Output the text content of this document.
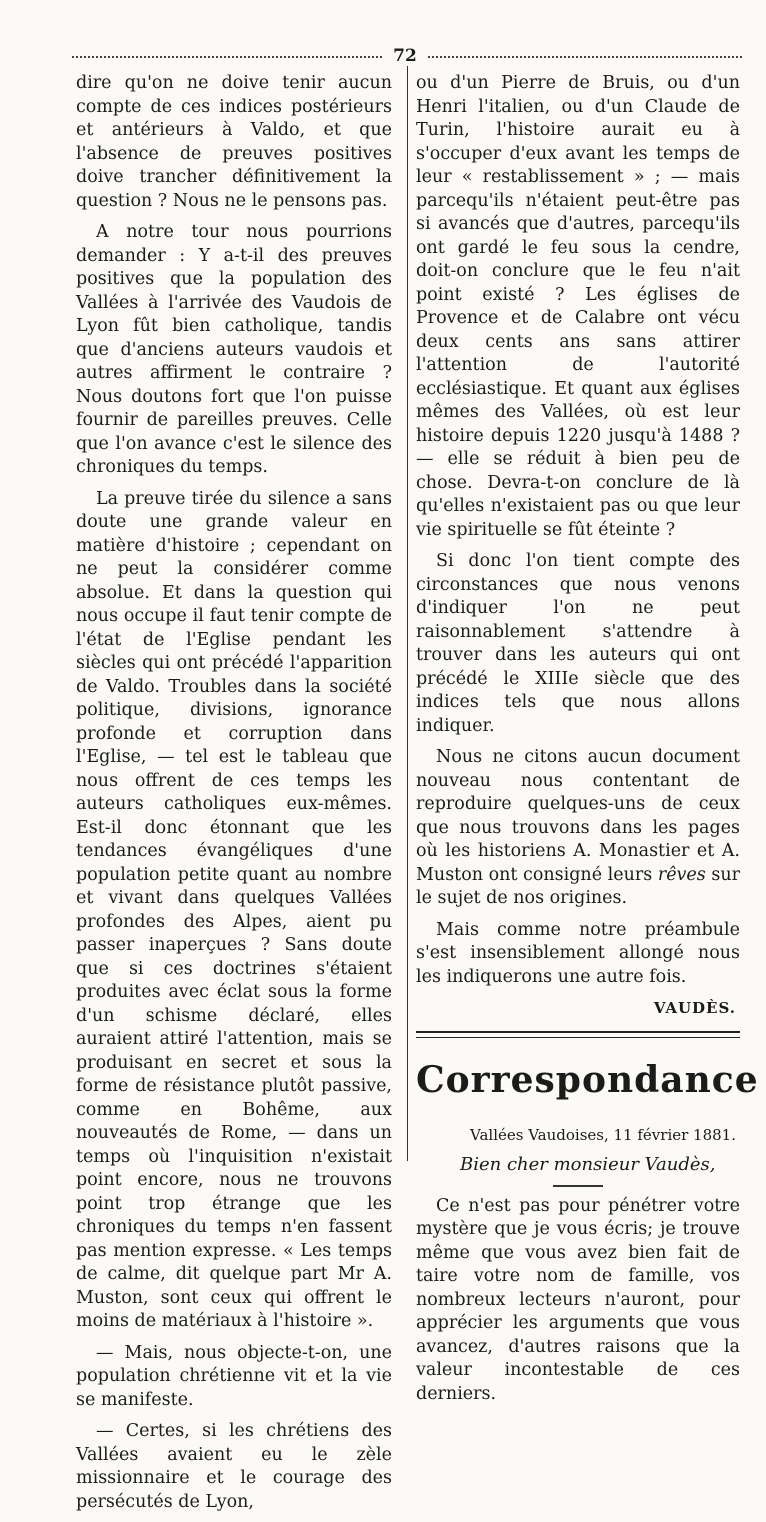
72

dire qu'on ne doive tenir aucun compte de ces indices postérieurs et antérieurs à Valdo, et que l'absence de preuves positives doive trancher définitivement la question ? Nous ne le pensons pas.

A notre tour nous pourrions demander : Y a-t-il des preuves positives que la population des Vallées à l'arrivée des Vaudois de Lyon fût bien catholique, tandis que d'anciens auteurs vaudois et autres affirment le contraire ? Nous doutons fort que l'on puisse fournir de pareilles preuves. Celle que l'on avance c'est le silence des chroniques du temps.

La preuve tirée du silence a sans doute une grande valeur en matière d'histoire ; cependant on ne peut la considérer comme absolue. Et dans la question qui nous occupe il faut tenir compte de l'état de l'Eglise pendant les siècles qui ont précédé l'apparition de Valdo. Troubles dans la société politique, divisions, ignorance profonde et corruption dans l'Eglise, — tel est le tableau que nous offrent de ces temps les auteurs catholiques eux-mêmes. Est-il donc étonnant que les tendances évangéliques d'une population petite quant au nombre et vivant dans quelques Vallées profondes des Alpes, aient pu passer inaperçues ? Sans doute que si ces doctrines s'étaient produites avec éclat sous la forme d'un schisme déclaré, elles auraient attiré l'attention, mais se produisant en secret et sous la forme de résistance plutôt passive, comme en Bohême, aux nouveautés de Rome, — dans un temps où l'inquisition n'existait point encore, nous ne trouvons point trop étrange que les chroniques du temps n'en fassent pas mention expresse. « Les temps de calme, dit quelque part Mr A. Muston, sont ceux qui offrent le moins de matériaux à l'histoire ».

— Mais, nous objecte-t-on, une population chrétienne vit et la vie se manifeste.

— Certes, si les chrétiens des Vallées avaient eu le zèle missionnaire et le courage des persécutés de Lyon,

ou d'un Pierre de Bruis, ou d'un Henri l'italien, ou d'un Claude de Turin, l'histoire aurait eu à s'occuper d'eux avant les temps de leur « restablissement » ; — mais parcequ'ils n'étaient peut-être pas si avancés que d'autres, parcequ'ils ont gardé le feu sous la cendre, doit-on conclure que le feu n'ait point existé ? Les églises de Provence et de Calabre ont vécu deux cents ans sans attirer l'attention de l'autorité ecclésiastique. Et quant aux églises mêmes des Vallées, où est leur histoire depuis 1220 jusqu'à 1488 ? — elle se réduit à bien peu de chose. Devra-t-on conclure de là qu'elles n'existaient pas ou que leur vie spirituelle se fût éteinte ?

Si donc l'on tient compte des circonstances que nous venons d'indiquer l'on ne peut raisonnablement s'attendre à trouver dans les auteurs qui ont précédé le XIIIe siècle que des indices tels que nous allons indiquer.

Nous ne citons aucun document nouveau nous contentant de reproduire quelques-uns de ceux que nous trouvons dans les pages où les historiens A. Monastier et A. Muston ont consigné leurs rêves sur le sujet de nos origines.

Mais comme notre préambule s'est insensiblement allongé nous les indiquerons une autre fois.

VAUDÈS.
Correspondance
Vallées Vaudoises, 11 février 1881.
Bien cher monsieur Vaudès,

Ce n'est pas pour pénétrer votre mystère que je vous écris; je trouve même que vous avez bien fait de taire votre nom de famille, vos nombreux lecteurs n'auront, pour apprécier les arguments que vous avancez, d'autres raisons que la valeur incontestable de ces derniers.
